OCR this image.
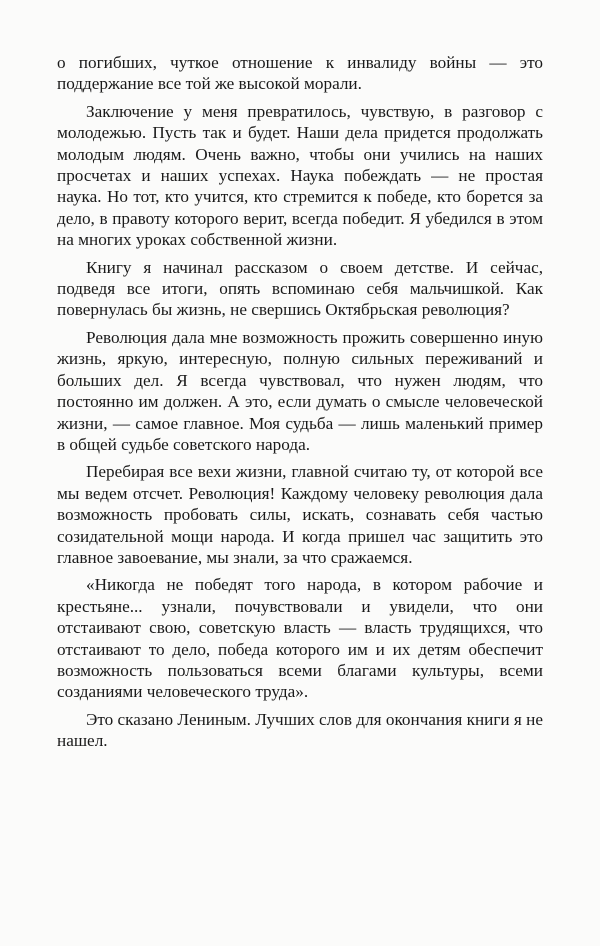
о погибших, чуткое отношение к инвалиду войны — это поддержание все той же высокой морали.

Заключение у меня превратилось, чувствую, в разговор с молодежью. Пусть так и будет. Наши дела придется продолжать молодым людям. Очень важно, чтобы они учились на наших просчетах и наших успехах. Наука побеждать — не простая наука. Но тот, кто учится, кто стремится к победе, кто борется за дело, в правоту которого верит, всегда победит. Я убедился в этом на многих уроках собственной жизни.

Книгу я начинал рассказом о своем детстве. И сейчас, подведя все итоги, опять вспоминаю себя мальчишкой. Как повернулась бы жизнь, не свершись Октябрьская революция?

Революция дала мне возможность прожить совершенно иную жизнь, яркую, интересную, полную сильных переживаний и больших дел. Я всегда чувствовал, что нужен людям, что постоянно им должен. А это, если думать о смысле человеческой жизни, — самое главное. Моя судьба — лишь маленький пример в общей судьбе советского народа.

Перебирая все вехи жизни, главной считаю ту, от которой все мы ведем отсчет. Революция! Каждому человеку революция дала возможность пробовать силы, искать, сознавать себя частью созидательной мощи народа. И когда пришел час защитить это главное завоевание, мы знали, за что сражаемся.

«Никогда не победят того народа, в котором рабочие и крестьяне... узнали, почувствовали и увидели, что они отстаивают свою, советскую власть — власть трудящихся, что отстаивают то дело, победа которого им и их детям обеспечит возможность пользоваться всеми благами культуры, всеми созданиями человеческого труда».

Это сказано Лениным. Лучших слов для окончания книги я не нашел.
